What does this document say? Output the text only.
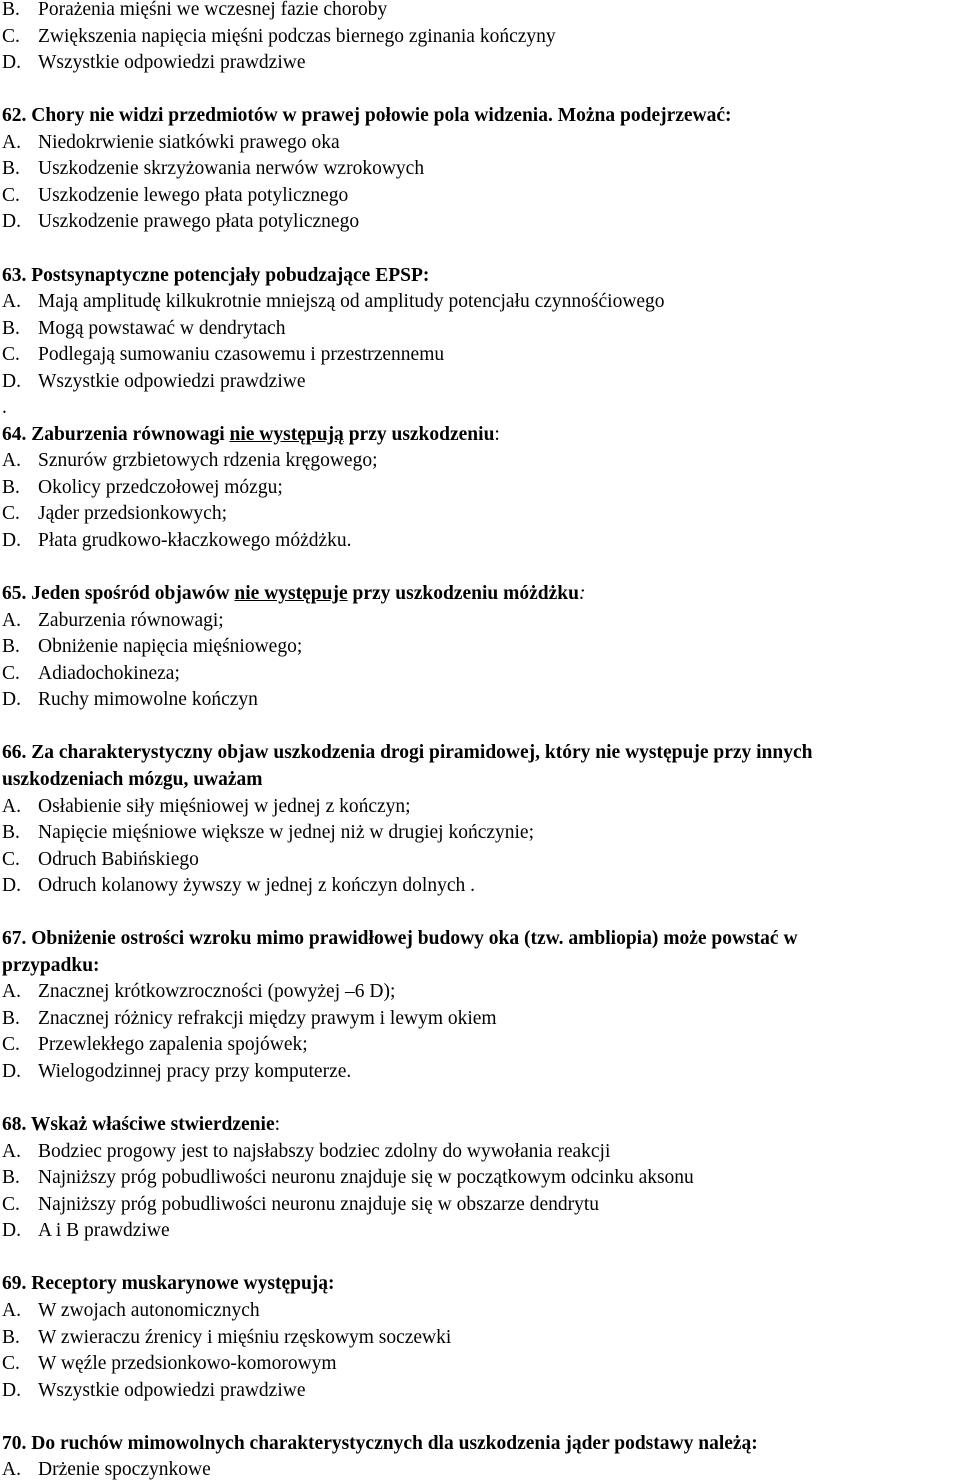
B. Porażenia mięśni we wczesnej fazie choroby
C. Zwiększenia napięcia mięśni podczas biernego zginania kończyny
D. Wszystkie odpowiedzi prawdziwe
62. Chory nie widzi przedmiotów w prawej połowie pola widzenia. Można podejrzewać:
A. Niedokrwienie siatkówki prawego oka
B. Uszkodzenie skrzyżowania nerwów wzrokowych
C. Uszkodzenie lewego płata potylicznego
D. Uszkodzenie prawego płata potylicznego
63. Postsynaptyczne potencjały pobudzające EPSP:
A. Mają amplitudę kilkukrotnie mniejszą od amplitudy potencjału czynnośćiowego
B. Mogą powstawać w dendrytach
C. Podlegają sumowaniu czasowemu i przestrzennemu
D. Wszystkie odpowiedzi prawdziwe
.
64. Zaburzenia równowagi nie występują przy uszkodzeniu:
A. Sznurów grzbietowych rdzenia kręgowego;
B. Okolicy przedczołowej mózgu;
C. Jąder przedsionkowych;
D. Płata grudkowo-kłaczkowego móżdżku.
65. Jeden spośród objawów nie występuje przy uszkodzeniu móżdżku:
A. Zaburzenia równowagi;
B. Obniżenie napięcia mięśniowego;
C. Adiadochokineza;
D. Ruchy mimowolne kończyn
66. Za charakterystyczny objaw uszkodzenia drogi piramidowej, który nie występuje przy innych
uszkodzeniach mózgu, uważam
A. Osłabienie siły mięśniowej w jednej z kończyn;
B. Napięcie mięśniowe większe w jednej niż w drugiej kończynie;
C. Odruch Babińskiego
D. Odruch kolanowy żywszy w jednej z kończyn dolnych .
67. Obniżenie ostrości wzroku mimo prawidłowej budowy oka (tzw. ambliopia) może powstać w
przypadku:
A. Znacznej krótkowzroczności (powyżej –6 D);
B. Znacznej różnicy refrakcji między prawym i lewym okiem
C. Przewlekłego zapalenia spojówek;
D. Wielogodzinnej pracy przy komputerze.
68. Wskaż właściwe stwierdzenie:
A. Bodziec progowy jest to najsłabszy bodziec zdolny do wywołania reakcji
B. Najniższy próg pobudliwości neuronu znajduje się w początkowym odcinku aksonu
C. Najniższy próg pobudliwości neuronu znajduje się w obszarze dendrytu
D. A i B prawdziwe
69. Receptory muskarynowe występują:
A. W zwojach autonomicznych
B. W zwieraczu źrenicy i mięśniu rzęskowym soczewki
C. W węźle przedsionkowo-komorowym
D. Wszystkie odpowiedzi prawdziwe
70. Do ruchów mimowolnych charakterystycznych dla uszkodzenia jąder podstawy należą:
A. Drżenie spoczynkowe
